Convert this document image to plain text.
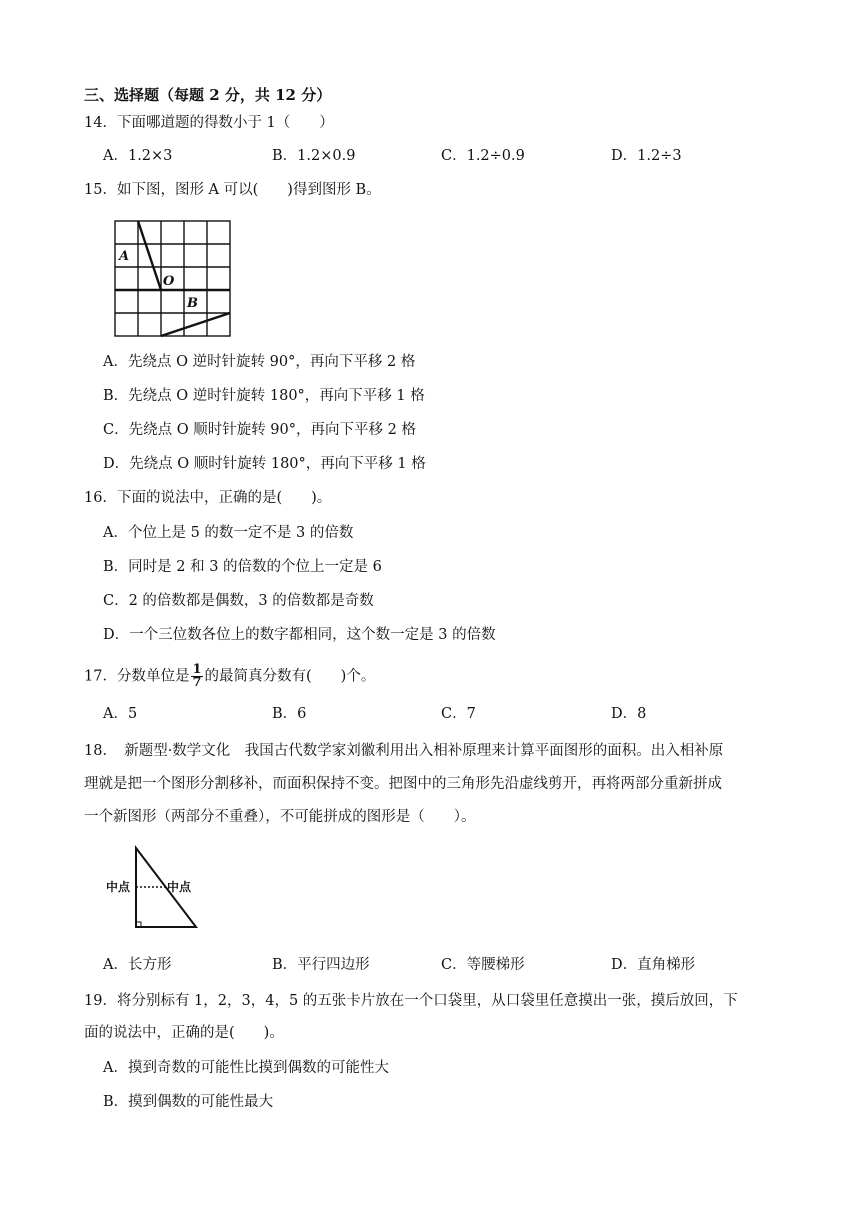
三、选择题（每题 2 分，共 12 分）
14．下面哪道题的得数小于 1（　　）
A．1.2×3	B．1.2×0.9	C．1.2÷0.9	D．1.2÷3
15．如下图，图形 A 可以(　　)得到图形 B。
A
O
B
A．先绕点 O 逆时针旋转 90°，再向下平移 2 格
B．先绕点 O 逆时针旋转 180°，再向下平移 1 格
C．先绕点 O 顺时针旋转 90°，再向下平移 2 格
D．先绕点 O 顺时针旋转 180°，再向下平移 1 格
16．下面的说法中，正确的是(　　)。
A．个位上是 5 的数一定不是 3 的倍数
B．同时是 2 和 3 的倍数的个位上一定是 6
C．2 的倍数都是偶数，3 的倍数都是奇数
D．一个三位数各位上的数字都相同，这个数一定是 3 的倍数
17．分数单位是 $\frac{1}{7}$ 的最简真分数有(　　)个。
A．5	B．6	C．7	D．8
18．　新题型·数学文化　我国古代数学家刘徽利用出入相补原理来计算平面图形的面积。出入相补原
理就是把一个图形分割移补，而面积保持不变。把图中的三角形先沿虚线剪开，再将两部分重新拼成
一个新图形（两部分不重叠），不可能拼成的图形是（　　）。
中点	中点
A．长方形	B．平行四边形	C．等腰梯形	D．直角梯形
19．将分别标有 1，2，3，4，5 的五张卡片放在一个口袋里，从口袋里任意摸出一张，摸后放回，下
面的说法中，正确的是(　　)。
A．摸到奇数的可能性比摸到偶数的可能性大
B．摸到偶数的可能性最大
